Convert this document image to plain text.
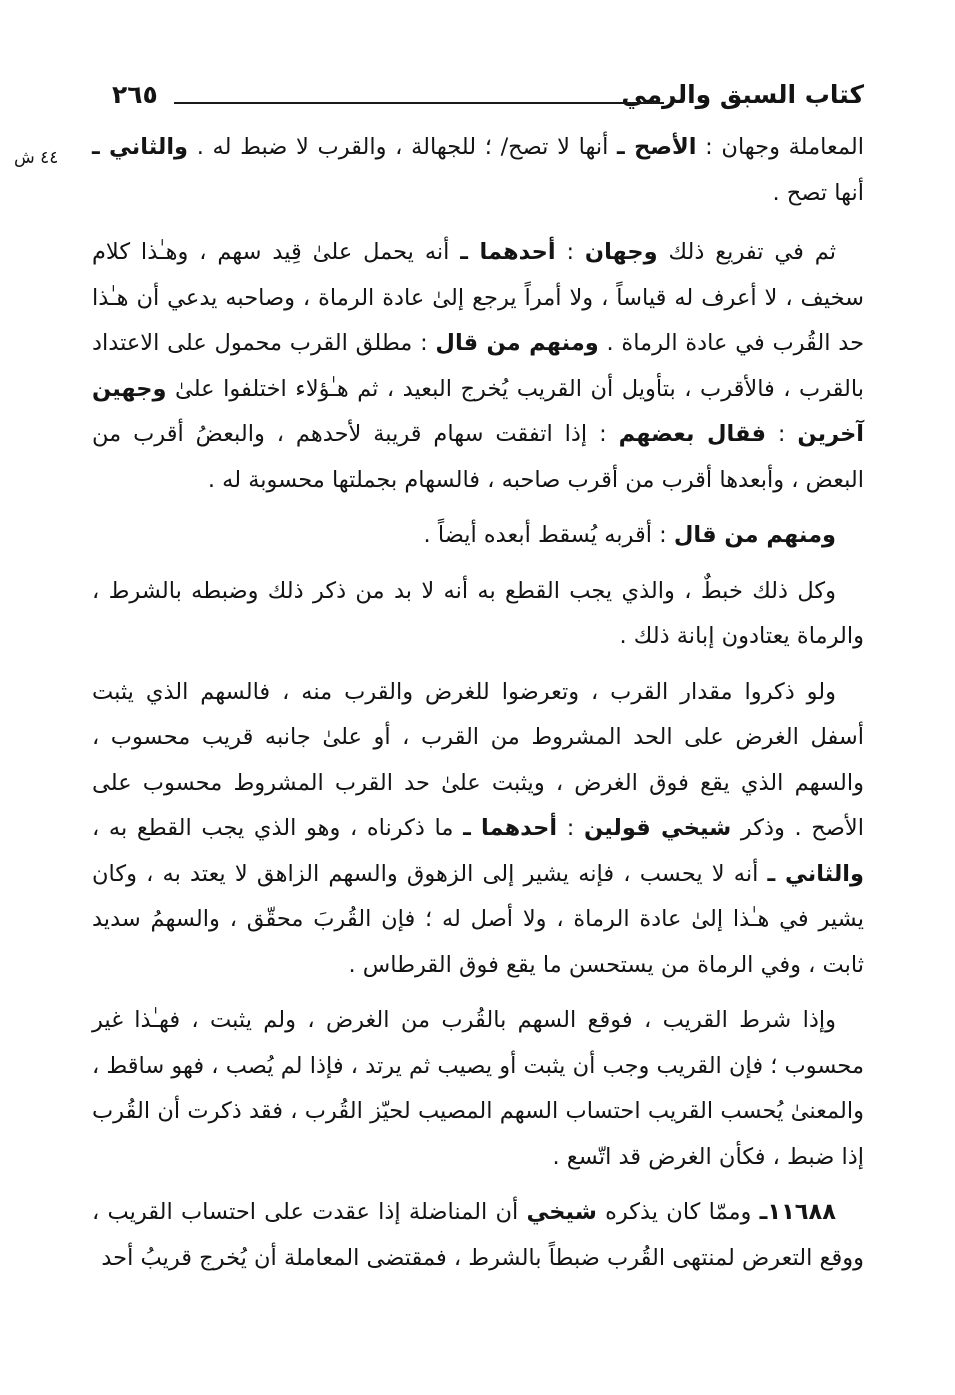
كتاب السبق والرمي
٢٦٥
٤٤ ش	المعاملة وجهان : الأصح ـ أنها لا تصح/ ؛ للجهالة ، والقرب لا ضبط له . والثاني ـ أنها تصح .

ثم في تفريع ذلك وجهان : أحدهما ـ أنه يحمل علىٰ قِيد سهم ، وهـٰذا كلام سخيف ، لا أعرف له قياساً ، ولا أمراً يرجع إلىٰ عادة الرماة ، وصاحبه يدعي أن هـٰذا حد القُرب في عادة الرماة . ومنهم من قال : مطلق القرب محمول على الاعتداد بالقرب ، فالأقرب ، بتأويل أن القريب يُخرج البعيد ، ثم هـٰؤلاء اختلفوا علىٰ وجهين آخرين : فقال بعضهم : إذا اتفقت سهام قريبة لأحدهم ، والبعضُ أقرب من البعض ، وأبعدها أقرب من أقرب صاحبه ، فالسهام بجملتها محسوبة له .

ومنهم من قال : أقربه يُسقط أبعده أيضاً .

وكل ذلك خبطٌ ، والذي يجب القطع به أنه لا بد من ذكر ذلك وضبطه بالشرط ، والرماة يعتادون إبانة ذلك .

ولو ذكروا مقدار القرب ، وتعرضوا للغرض والقرب منه ، فالسهم الذي يثبت أسفل الغرض على الحد المشروط من القرب ، أو علىٰ جانبه قريب محسوب ، والسهم الذي يقع فوق الغرض ، ويثبت علىٰ حد القرب المشروط محسوب على الأصح . وذكر شيخي قولين : أحدهما ـ ما ذكرناه ، وهو الذي يجب القطع به ، والثاني ـ أنه لا يحسب ، فإنه يشير إلى الزهوق والسهم الزاهق لا يعتد به ، وكان يشير في هـٰذا إلىٰ عادة الرماة ، ولا أصل له ؛ فإن القُربَ محقّق ، والسهمُ سديد ثابت ، وفي الرماة من يستحسن ما يقع فوق القرطاس .

وإذا شرط القريب ، فوقع السهم بالقُرب من الغرض ، ولم يثبت ، فهـٰذا غير محسوب ؛ فإن القريب وجب أن يثبت أو يصيب ثم يرتد ، فإذا لم يُصب ، فهو ساقط ، والمعنىٰ يُحسب القريب احتساب السهم المصيب لحيّز القُرب ، فقد ذكرت أن القُرب إذا ضبط ، فكأن الغرض قد اتّسع .

١١٦٨٨ـ وممّا كان يذكره شيخي أن المناضلة إذا عقدت على احتساب القريب ، ووقع التعرض لمنتهى القُرب ضبطاً بالشرط ، فمقتضى المعاملة أن يُخرج قريبُ أحد
